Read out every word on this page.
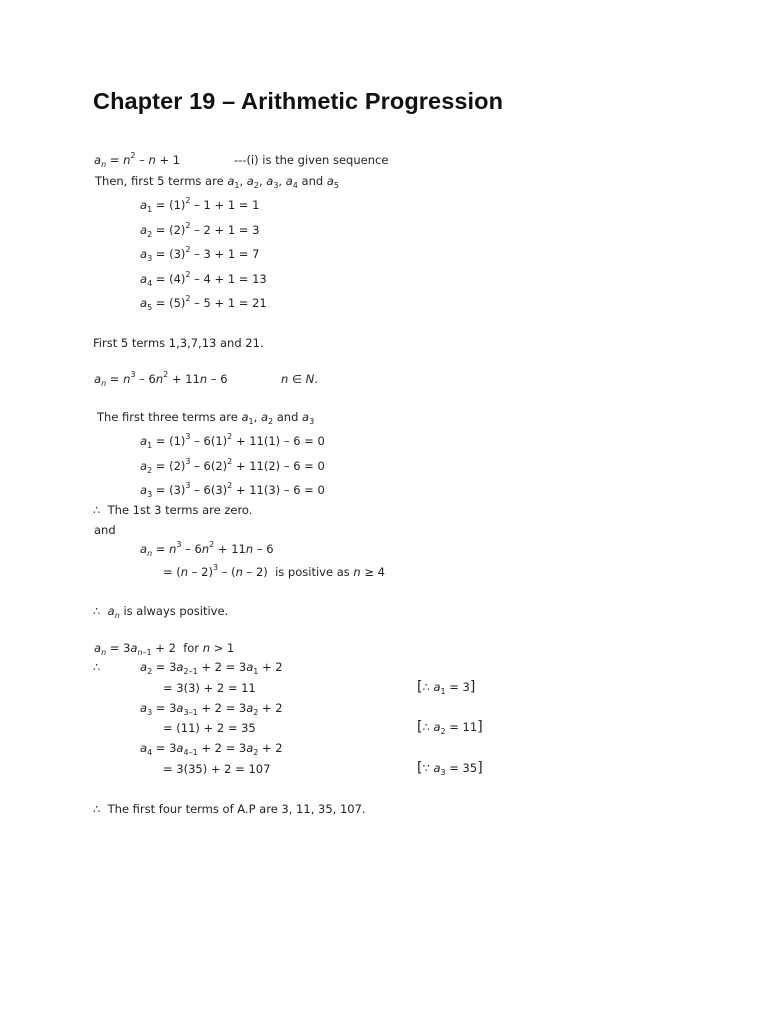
Chapter 19 – Arithmetic Progression
$a_n = n^2 - n + 1$	---(i) is the given sequence
Then, first 5 terms are $a_1$, $a_2$, $a_3$, $a_4$ and $a_5$
$a_1 = (1)^2 - 1 + 1 = 1$
$a_2 = (2)^2 - 2 + 1 = 3$
$a_3 = (3)^2 - 3 + 1 = 7$
$a_4 = (4)^2 - 4 + 1 = 13$
$a_5 = (5)^2 - 5 + 1 = 21$
First 5 terms 1,3,7,13 and 21.
$a_n = n^3 - 6n^2 + 11n - 6$	n ∈ N.
The first three terms are $a_1$, $a_2$ and $a_3$
$a_1 = (1)^3 - 6(1)^2 + 11(1) - 6 = 0$
$a_2 = (2)^3 - 6(2)^2 + 11(2) - 6 = 0$
$a_3 = (3)^3 - 6(3)^2 + 11(3) - 6 = 0$
∴  The 1st 3 terms are zero.
and
$a_n = n^3 - 6n^2 + 11n - 6$
= (n – 2)$^3$ – (n – 2)  is positive as n ≥ 4
∴  $a_n$ is always positive.
$a_n = 3a_{n-1} + 2$  for n > 1
∴	$a_2 = 3a_{2-1} + 2 = 3a_1 + 2$
= 3(3) + 2 = 11	[∴ $a_1 = 3$]
$a_3 = 3a_{3-1} + 2 = 3a_2 + 2$
= (11) + 2 = 35	[∴ $a_2 = 11$]
$a_4 = 3a_{4-1} + 2 = 3a_2 + 2$
= 3(35) + 2 = 107	[∵ $a_3 = 35$]
∴  The first four terms of A.P are 3, 11, 35, 107.
